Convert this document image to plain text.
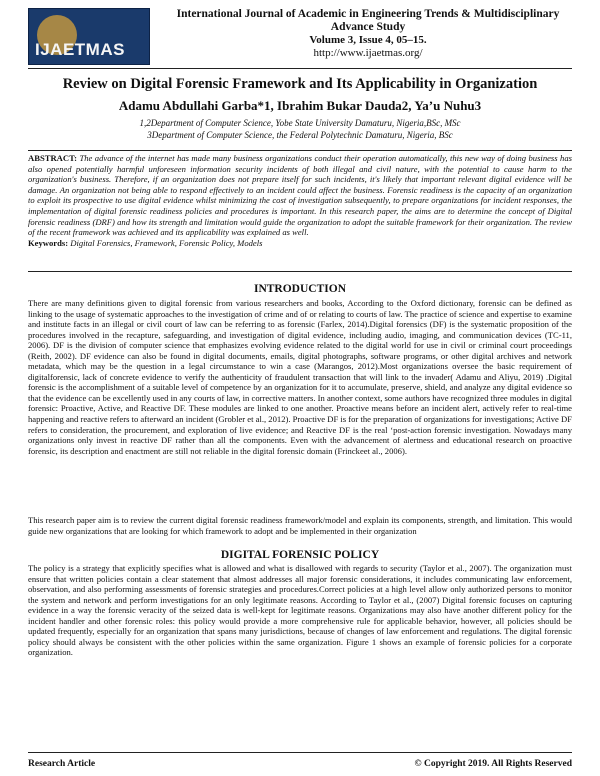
IJAETMAS
International Journal of Academic in Engineering Trends & Multidisciplinary Advance Study
Volume 3, Issue 4, 05–15.
http://www.ijaetmas.org/
Review on Digital Forensic Framework and Its Applicability in Organization
Adamu Abdullahi Garba*1, Ibrahim Bukar Dauda2, Ya’u Nuhu3
1,2Department of Computer Science, Yobe State University Damaturu, Nigeria,BSc, MSc
3Department of Computer Science, the Federal Polytechnic Damaturu, Nigeria, BSc
ABSTRACT: The advance of the internet has made many business organizations conduct their operation automatically, this new way of doing business has also opened potentially harmful unforeseen information security incidents of both illegal and civil nature, with the potential to cause harm to the organization's business. Therefore, if an organization does not prepare itself for such incidents, it's likely that important relevant digital evidence will be damage. An organization not being able to respond effectively to an incident could affect the business. Forensic readiness is the capacity of an organization to exploit its prospective to use digital evidence whilst minimizing the cost of investigation subsequently, to prepare organizations for incident responses, the implementation of digital forensic readiness policies and procedures is important. In this research paper, the aims are to determine the concept of Digital forensic readiness (DRF) and how its strength and limitation would guide the organization to adopt the suitable framework for their organization. The review of the recent framework was achieved and its applicability was explained as well.
Keywords: Digital Forensics, Framework, Forensic Policy, Models
INTRODUCTION
There are many definitions given to digital forensic from various researchers and books, According to the Oxford dictionary, forensic can be defined as linking to the usage of systematic approaches to the investigation of crime and of or relating to courts of law. The practice of science and expertise to examine and institute facts in an illegal or civil court of law can be referring to as forensic (Farlex, 2014).Digital forensics (DF) is the systematic proposition of the procedures involved in the recapture, safeguarding, and investigation of digital evidence, including audio, imaging, and communication devices (TC-11, 2006). DF is the division of computer science that emphasizes evolving evidence related to the digital world for use in civil or criminal court proceedings (Reith, 2002). DF evidence can also be found in digital documents, emails, digital photographs, software programs, or other digital archives and network metadata, which may be the question in a legal circumstance to win a case (Marangos, 2012).Most organizations oversee the basic requirement of digitalforensic, lack of concrete evidence to verify the authenticity of fraudulent transaction that will link to the invader( Adamu and Aliyu, 2019) .Digital forensic is the accomplishment of a suitable level of competence by an organization for it to accumulate, preserve, shield, and analyze any digital evidence so that the evidence can be excellently used in any courts of law, in corrective matters. In another context, some authors have recognized three modules in digital forensic: Proactive, Active, and Reactive DF. These modules are linked to one another. Proactive means before an incident alert, actively refer to real-time happening and reactive refers to afterward an incident (Grobler et al., 2012). Proactive DF is for the preparation of organizations for investigations; Active DF refers to consideration, the procurement, and exploration of live evidence; and Reactive DF is the real ‘post-action forensic investigation. Nowadays many organizations only invest in reactive DF rather than all the components. Even with the advancement of alertness and educational research on proactive forensic, its description and enactment are still not reliable in the digital forensic domain (Frinckeet al., 2006).
This research paper aim is to review the current digital forensic readiness framework/model and explain its components, strength, and limitation. This would guide new organizations that are looking for which framework to adopt and be implemented in their organization
DIGITAL FORENSIC POLICY
The policy is a strategy that explicitly specifies what is allowed and what is disallowed with regards to security (Taylor et al., 2007). The organization must ensure that written policies contain a clear statement that almost addresses all major forensic considerations, it includes communicating law enforcement, observation, and also performing assessments of forensic strategies and procedures.Correct policies at a high level allow only authorized persons to monitor the system and network and perform investigations for an only legitimate reasons. According to Taylor et al., (2007) Digital forensic focuses on capturing evidence in a way the forensic veracity of the seized data is well-kept for legitimate reasons. Organizations may also have another different policy for the incident handler and other forensic roles: this policy would provide a more comprehensive rule for applicable behavior, however, all policies should be updated frequently, especially for an organization that spans many jurisdictions, because of changes of law enforcement and regulations. The digital forensic policy should always be consistent with the other policies within the same organization. Figure 1 shows an example of forensic policies for a corporate organization.
Research Article	© Copyright 2019. All Rights Reserved
